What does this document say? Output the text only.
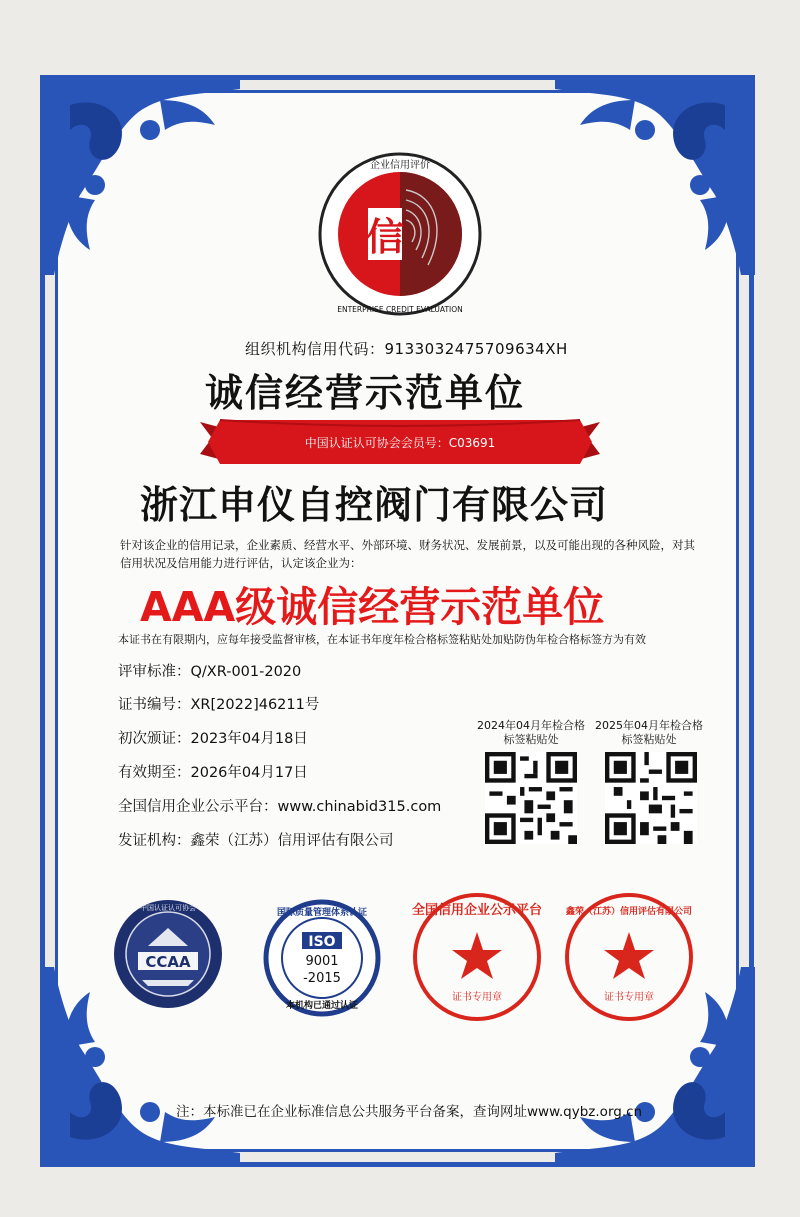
信
企业信用评价
ENTERPRISE CREDIT EVALUATION
组织机构信用代码：9133032475709634XH
诚信经营示范单位
中国认证认可协会会员号：C03691
浙江申仪自控阀门有限公司
针对该企业的信用记录，企业素质、经营水平、外部环境、财务状况、发展前景，以及可能出现的各种风险，对其信用状况及信用能力进行评估，认定该企业为：
AAA级诚信经营示范单位
本证书在有限期内，应每年接受监督审核，在本证书年度年检合格标签粘贴处加贴防伪年检合格标签方为有效
评审标准：Q/XR-001-2020
证书编号：XR[2022]46211号
初次颁证：2023年04月18日
有效期至：2026年04月17日
全国信用企业公示平台：www.chinabid315.com
发证机构：鑫荣（江苏）信用评估有限公司
2024年04月年检合格标签粘贴处
2025年04月年检合格标签粘贴处
中国认证认可协会
CCAA
国际质量管理体系认证
ISO
9001
-2015
本机构已通过认证
全国信用企业公示平台
证书专用章
鑫荣（江苏）信用评估有限公司
证书专用章
注：本标准已在企业标准信息公共服务平台备案，查询网址www.qybz.org.cn
